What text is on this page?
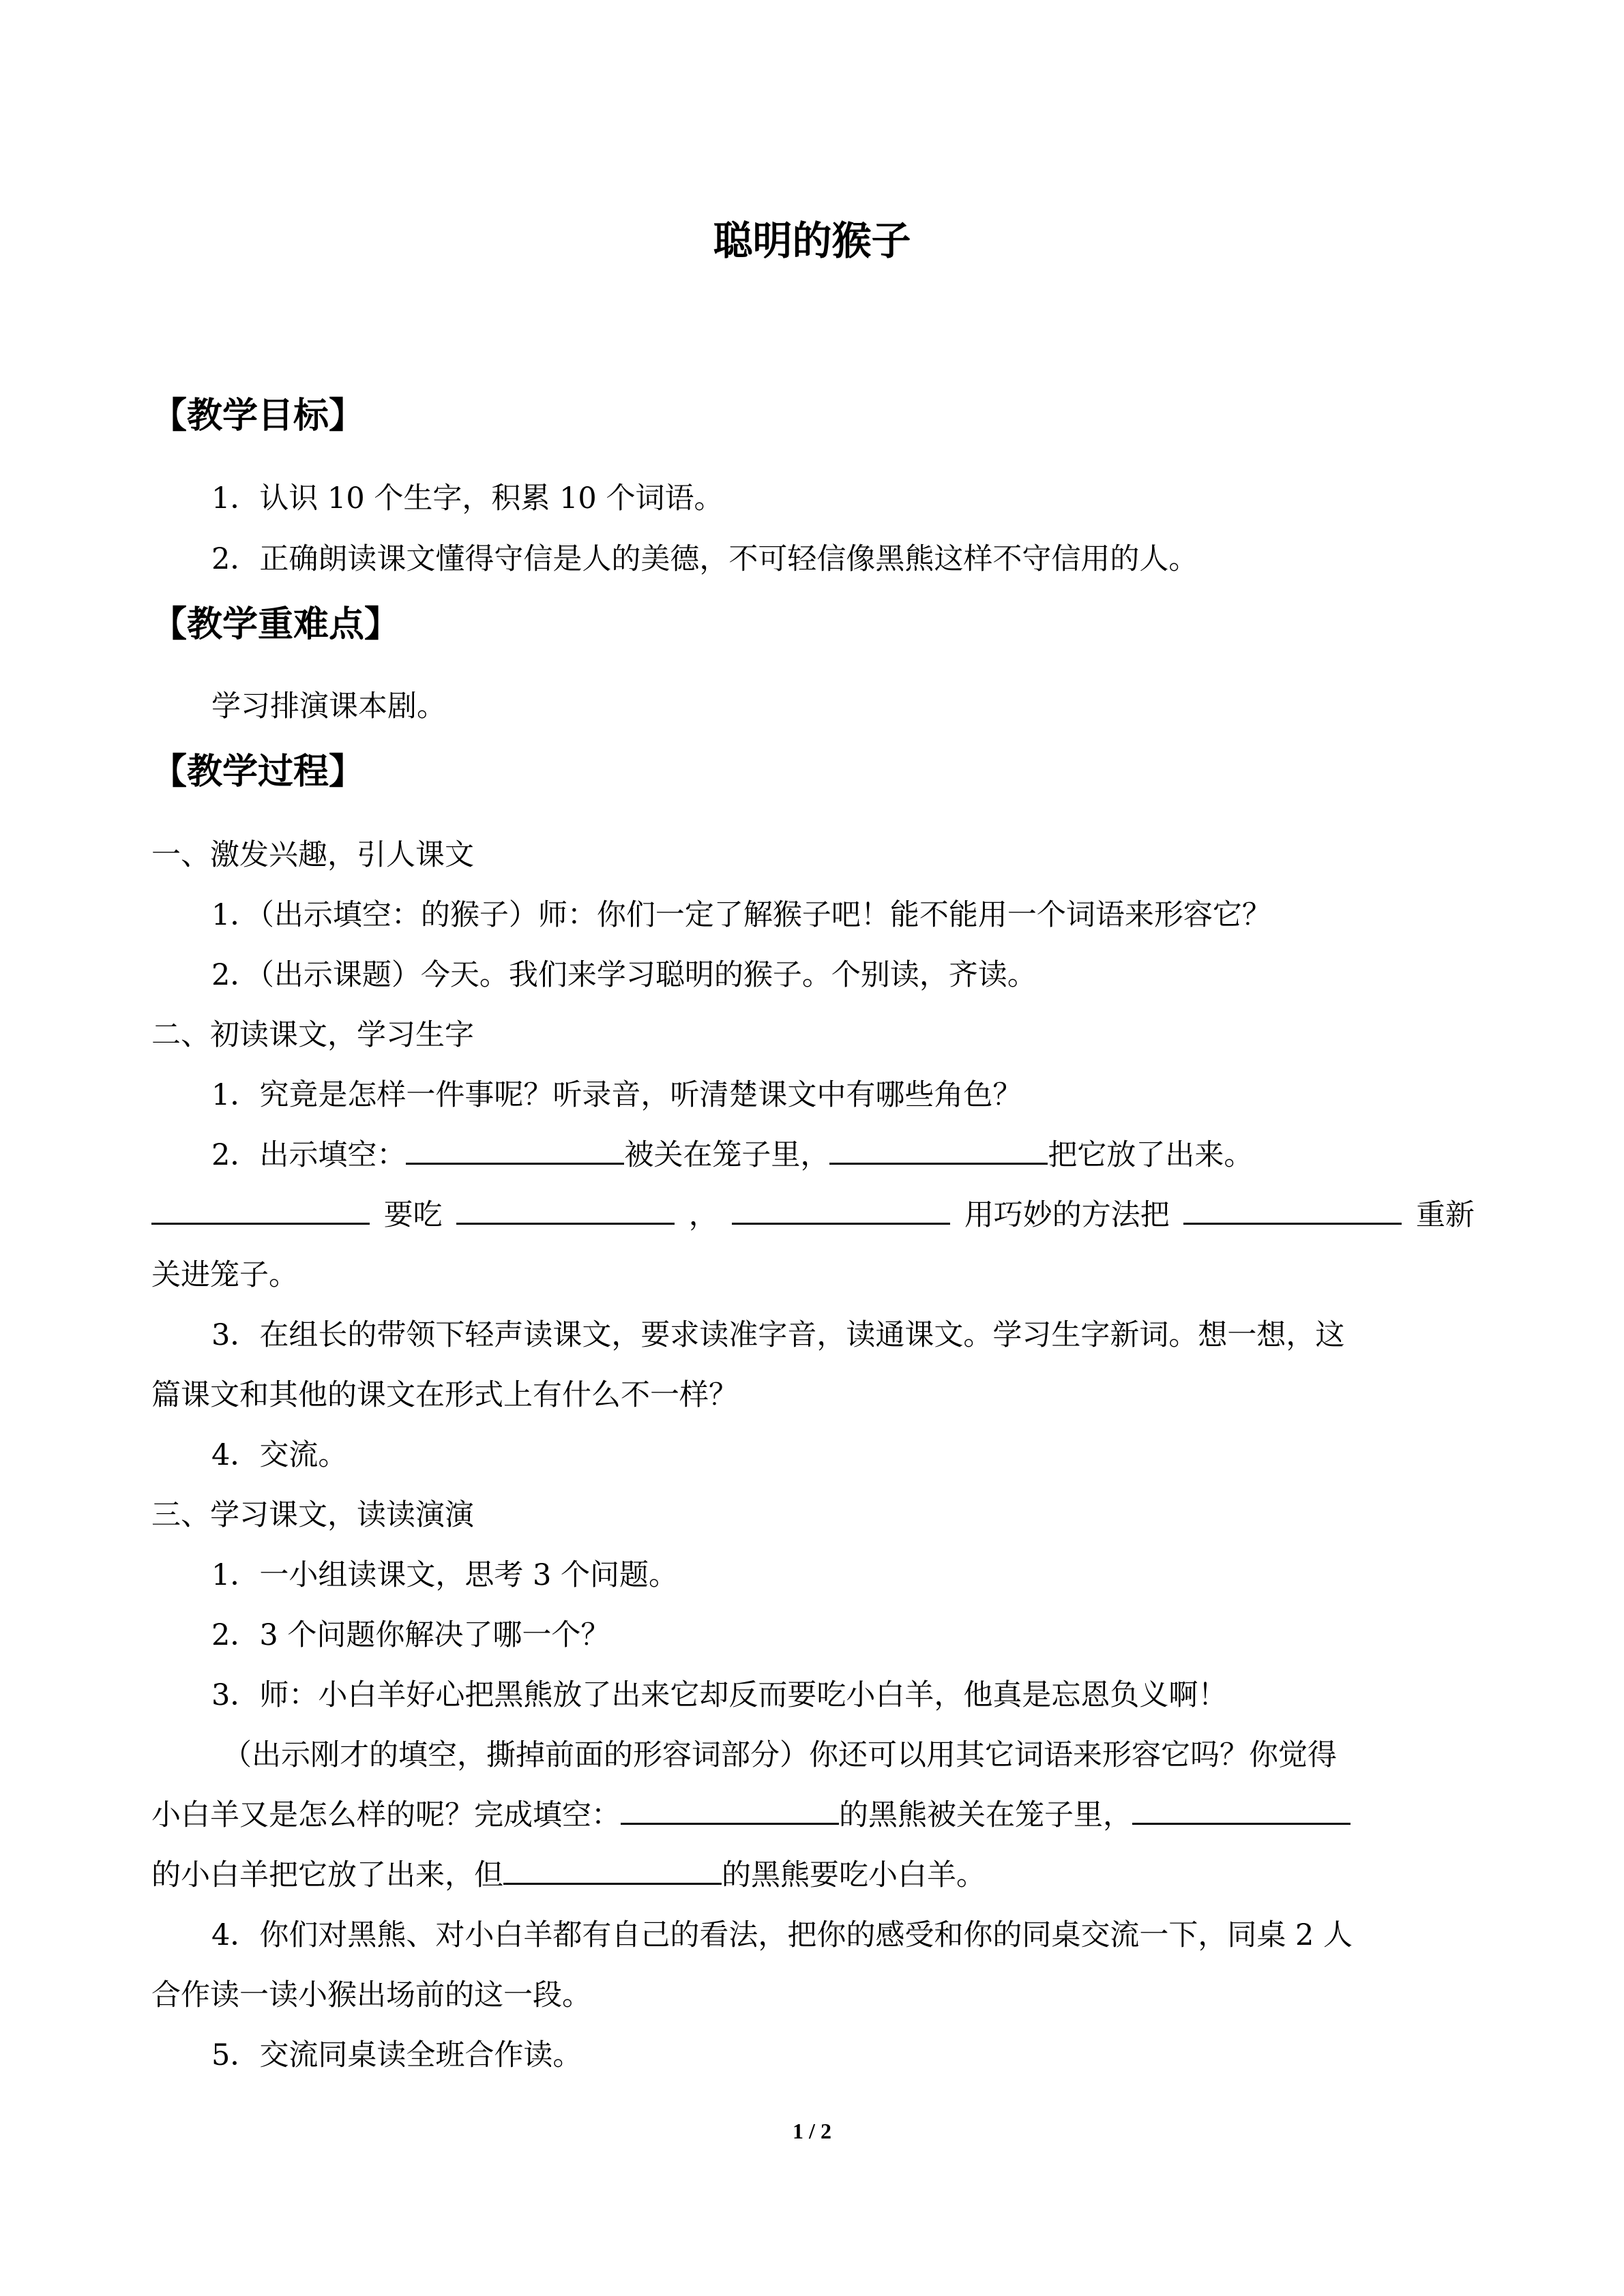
聪明的猴子
【教学目标】
1．认识 10 个生字，积累 10 个词语。
2．正确朗读课文懂得守信是人的美德，不可轻信像黑熊这样不守信用的人。
【教学重难点】
学习排演课本剧。
【教学过程】
一、激发兴趣，引人课文
1．（出示填空：的猴子）师：你们一定了解猴子吧！能不能用一个词语来形容它？
2．（出示课题）今天。我们来学习聪明的猴子。个别读，齐读。
二、初读课文，学习生字
1．究竟是怎样一件事呢？听录音，听清楚课文中有哪些角色？
2．出示填空：	被关在笼子里，	把它放了出来。
要吃	，	用巧妙的方法把	重新
关进笼子。
3．在组长的带领下轻声读课文，要求读准字音，读通课文。学习生字新词。想一想，这
篇课文和其他的课文在形式上有什么不一样？
4．交流。
三、学习课文，读读演演
1．一小组读课文，思考 3 个问题。
2．3 个问题你解决了哪一个？
3．师：小白羊好心把黑熊放了出来它却反而要吃小白羊，他真是忘恩负义啊！
（出示刚才的填空，撕掉前面的形容词部分）你还可以用其它词语来形容它吗？你觉得
小白羊又是怎么样的呢？完成填空：	的黑熊被关在笼子里，
的小白羊把它放了出来，但	的黑熊要吃小白羊。
4．你们对黑熊、对小白羊都有自己的看法，把你的感受和你的同桌交流一下，同桌 2 人
合作读一读小猴出场前的这一段。
5．交流同桌读全班合作读。
1 / 2
